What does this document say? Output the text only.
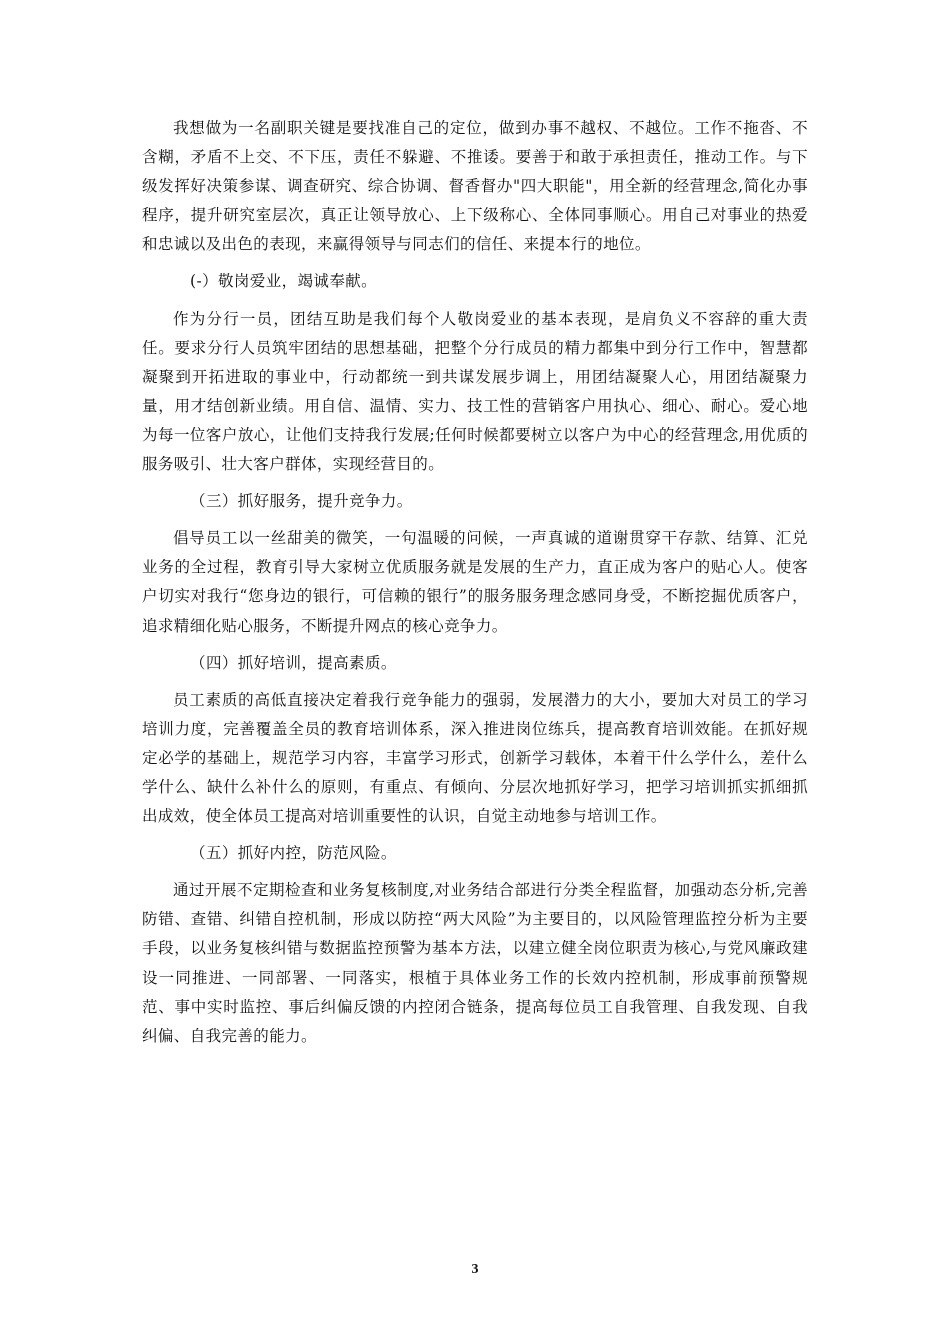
我想做为一名副职关键是要找准自己的定位，做到办事不越权、不越位。工作不拖沓、不含糊，矛盾不上交、不下压，责任不躲避、不推诿。要善于和敢于承担责任，推动工作。与下级发挥好决策参谋、调查研究、综合协调、督香督办"四大职能"，用全新的经营理念,简化办事程序，提升研究室层次，真正让领导放心、上下级称心、全体同事顺心。用自己对事业的热爱和忠诚以及出色的表现，来赢得领导与同志们的信任、来提本行的地位。

(-）敬岗爱业，竭诚奉献。

作为分行一员，团结互助是我们每个人敬岗爱业的基本表现，是肩负义不容辞的重大责任。要求分行人员筑牢团结的思想基础，把整个分行成员的精力都集中到分行工作中，智慧都凝聚到开拓进取的事业中，行动都统一到共谋发展步调上，用团结凝聚人心，用团结凝聚力量，用才结创新业绩。用自信、温情、实力、技工性的营销客户用执心、细心、耐心。爱心地为每一位客户放心，让他们支持我行发展;任何时候都要树立以客户为中心的经营理念,用优质的服务吸引、壮大客户群体，实现经营目的。

（三）抓好服务，提升竞争力。

倡导员工以一丝甜美的微笑，一句温暖的问候，一声真诚的道谢贯穿干存款、结算、汇兑业务的全过程，教育引导大家树立优质服务就是发展的生产力，直正成为客户的贴心人。使客户切实对我行“您身边的银行，可信赖的银行”的服务服务理念感同身受，不断挖掘优质客户，追求精细化贴心服务，不断提升网点的核心竞争力。

（四）抓好培训，提高素质。

员工素质的高低直接决定着我行竞争能力的强弱，发展潜力的大小，要加大对员工的学习培训力度，完善覆盖全员的教育培训体系，深入推进岗位练兵，提高教育培训效能。在抓好规定必学的基础上，规范学习内容，丰富学习形式，创新学习载体，本着干什么学什么，差什么学什么、缺什么补什么的原则，有重点、有倾向、分层次地抓好学习，把学习培训抓实抓细抓出成效，使全体员工提高对培训重要性的认识，自觉主动地参与培训工作。

（五）抓好内控，防范风险。

通过开展不定期检查和业务复核制度,对业务结合部进行分类全程监督，加强动态分析,完善防错、查错、纠错自控机制，形成以防控“两大风险”为主要目的，以风险管理监控分析为主要手段，以业务复核纠错与数据监控预警为基本方法，以建立健全岗位职责为核心,与党风廉政建设一同推进、一同部署、一同落实，根植于具体业务工作的长效内控机制，形成事前预警规范、事中实时监控、事后纠偏反馈的内控闭合链条，提高每位员工自我管理、自我发现、自我纠偏、自我完善的能力。

3
